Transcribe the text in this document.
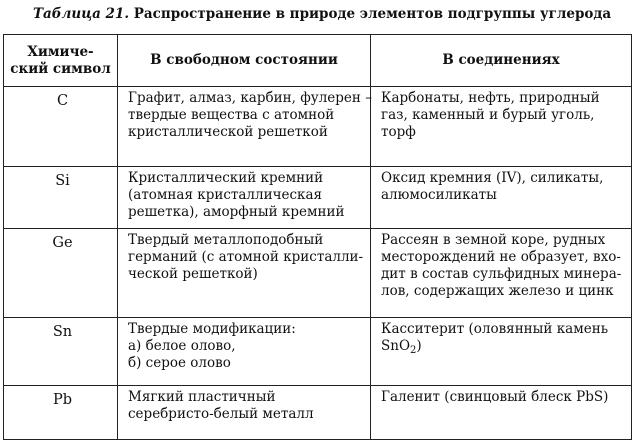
Таблица 21. Распространение в природе элементов подгруппы углерода
Химиче-
ский символ	В свободном состоянии	В соединениях
C	Графит, алмаз, карбин, фулерен –
твердые вещества с атомной
кристаллической решеткой	Карбонаты, нефть, природный
газ, каменный и бурый уголь,
торф

Si	Кристаллический кремний
(атомная кристаллическая
решетка), аморфный кремний	Оксид кремния (IV), силикаты,
алюмосиликаты

Ge	Твердый металлоподобный
германий (с атомной кристалли-
ческой решеткой)	Рассеян в земной коре, рудных
месторождений не образует, вхо-
дит в состав сульфидных минера-
лов, содержащих железо и цинк

Sn	Твердые модификации:
а) белое олово,
б) серое олово	Касситерит (оловянный камень
SnO$_2$)

Pb	Мягкий пластичный
серебристо-белый металл	Галенит (свинцовый блеск PbS)
